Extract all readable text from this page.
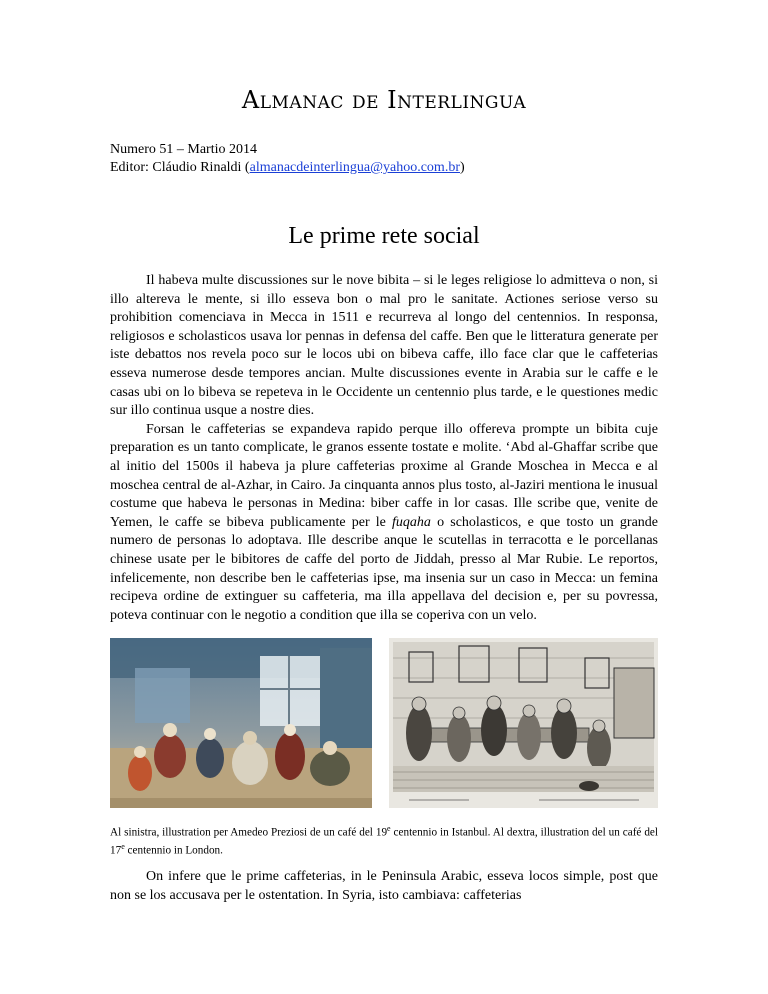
Almanac de Interlingua
Numero 51 – Martio 2014
Editor: Cláudio Rinaldi (almanacdeinterlingua@yahoo.com.br)
Le prime rete social

Il habeva multe discussiones sur le nove bibita – si le leges religiose lo admitteva o non, si illo altereva le mente, si illo esseva bon o mal pro le sanitate. Actiones seriose verso su prohibition comenciava in Mecca in 1511 e recurreva al longo del centennios. In responsa, religiosos e scholasticos usava lor pennas in defensa del caffe. Ben que le litteratura generate per iste debattos nos revela poco sur le locos ubi on bibeva caffe, illo face clar que le caffeterias esseva numerose desde tempores ancian. Multe discussiones evente in Arabia sur le caffe e le casas ubi on lo bibeva se repeteva in le Occidente un centennio plus tarde, e le questiones medic sur illo continua usque a nostre dies.

Forsan le caffeterias se expandeva rapido perque illo offereva prompte un bibita cuje preparation es un tanto complicate, le granos essente tostate e molite. ‘Abd al-Ghaffar scribe que al initio del 1500s il habeva ja plure caffeterias proxime al Grande Moschea in Mecca e al moschea central de al-Azhar, in Cairo. Ja cinquanta annos plus tosto, al-Jaziri mentiona le inusual costume que habeva le personas in Medina: biber caffe in lor casas. Ille scribe que, venite de Yemen, le caffe se bibeva publicamente per le fuqaha o scholasticos, e que tosto un grande numero de personas lo adoptava. Ille describe anque le scutellas in terracotta e le porcellanas chinese usate per le bibitores de caffe del porto de Jiddah, presso al Mar Rubie. Le reportos, infelicemente, non describe ben le caffeterias ipse, ma insenia sur un caso in Mecca: un femina recipeva ordine de extinguer su caffeteria, ma illa appellava del decision e, per su povressa, poteva continuar con le negotio a condition que illa se coperiva con un velo.

Al sinistra, illustration per Amedeo Preziosi de un café del 19e centennio in Istanbul. Al dextra, illustration del un café del 17e centennio in London.

On infere que le prime caffeterias, in le Peninsula Arabic, esseva locos simple, post que non se los accusava per le ostentation. In Syria, isto cambiava: caffeterias
